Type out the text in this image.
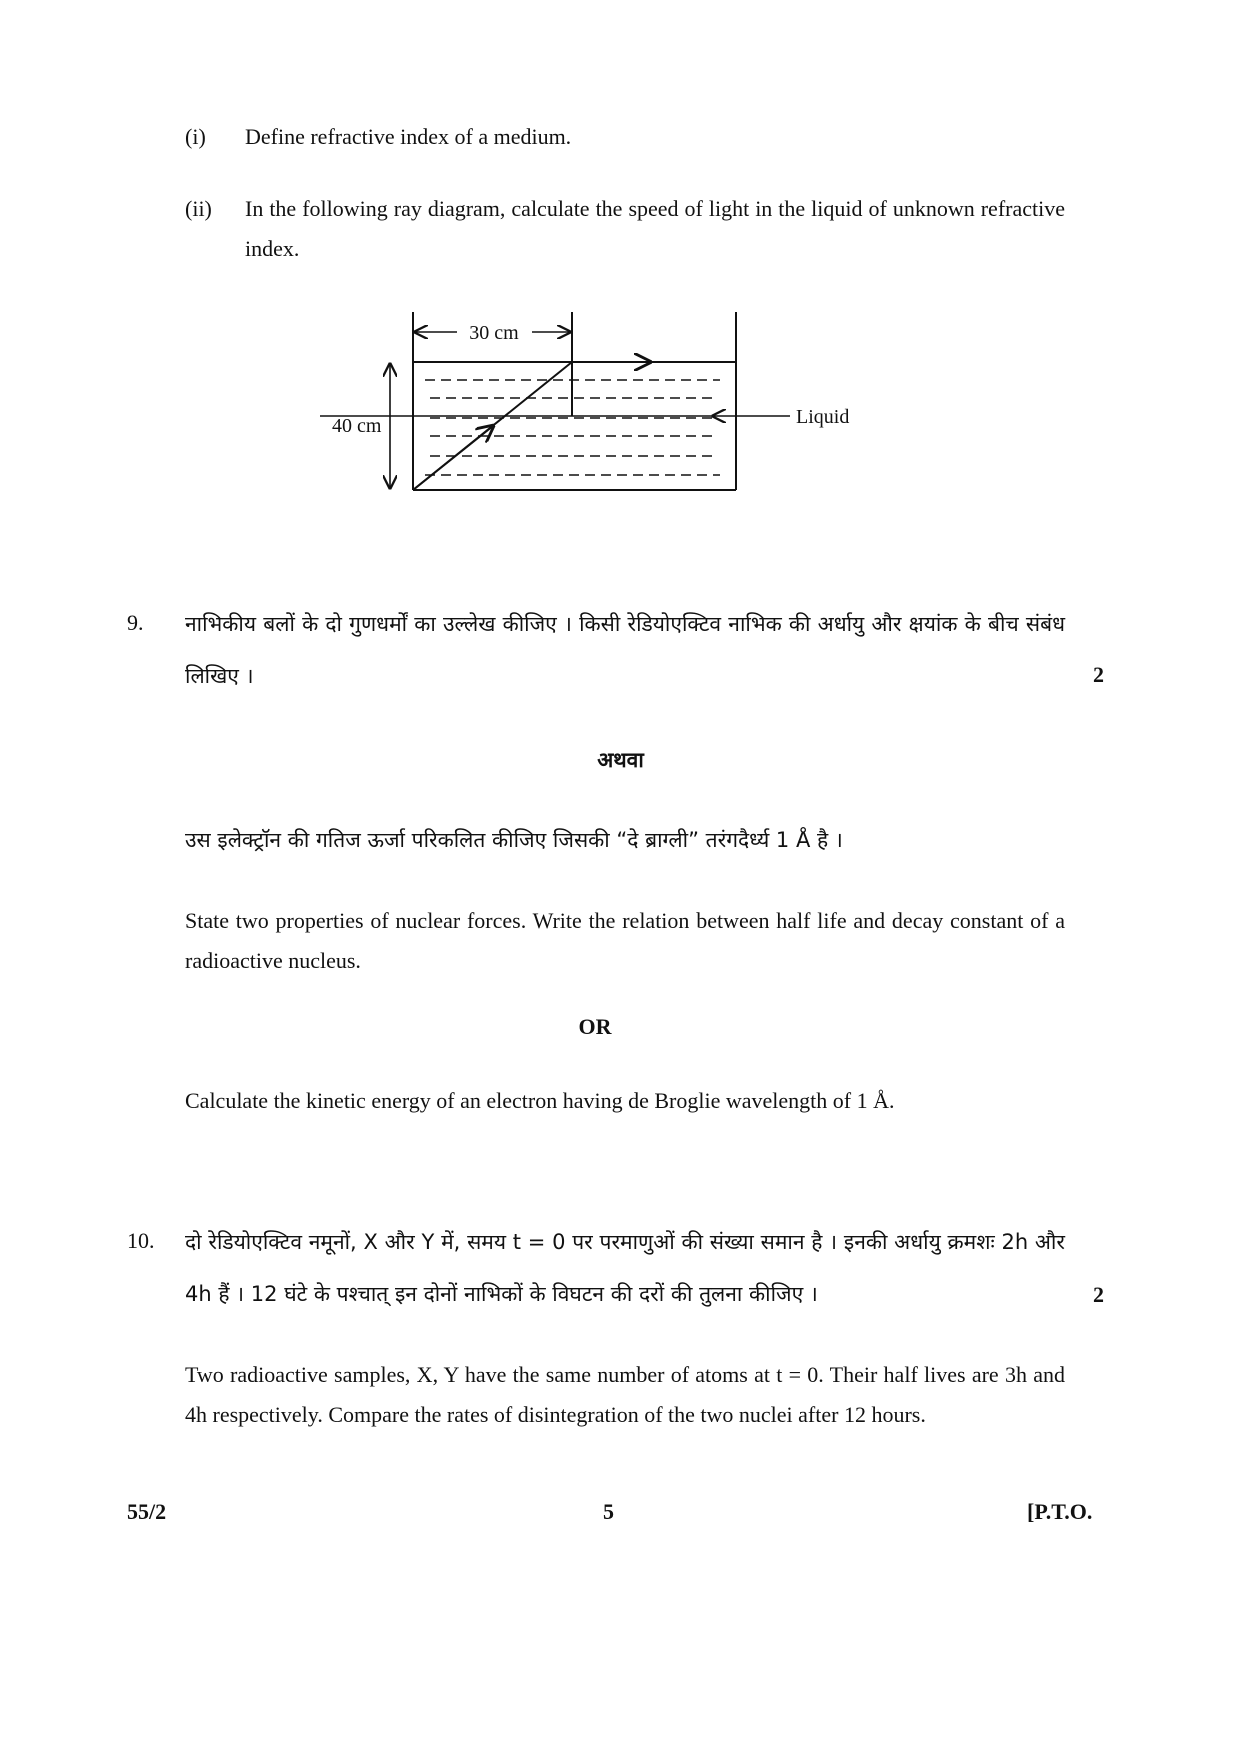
(i) Define refractive index of a medium.
(ii) In the following ray diagram, calculate the speed of light in the liquid of unknown refractive index.
30 cm
40 cm	Liquid
9. नाभिकीय बलों के दो गुणधर्मों का उल्लेख कीजिए । किसी रेडियोएक्टिव नाभिक की अर्धायु और क्षयांक के बीच संबंध लिखिए ।	2
अथवा
उस इलेक्ट्रॉन की गतिज ऊर्जा परिकलित कीजिए जिसकी “दे ब्राग्ली” तरंगदैर्ध्य 1 Å है ।
State two properties of nuclear forces. Write the relation between half life and decay constant of a radioactive nucleus.
OR
Calculate the kinetic energy of an electron having de Broglie wavelength of 1 Å.
10. दो रेडियोएक्टिव नमूनों, X और Y में, समय t = 0 पर परमाणुओं की संख्या समान है । इनकी अर्धायु क्रमशः 2h और 4h हैं । 12 घंटे के पश्चात् इन दोनों नाभिकों के विघटन की दरों की तुलना कीजिए ।	2
Two radioactive samples, X, Y have the same number of atoms at t = 0. Their half lives are 3h and 4h respectively. Compare the rates of disintegration of the two nuclei after 12 hours.
55/2	5	[P.T.O.
